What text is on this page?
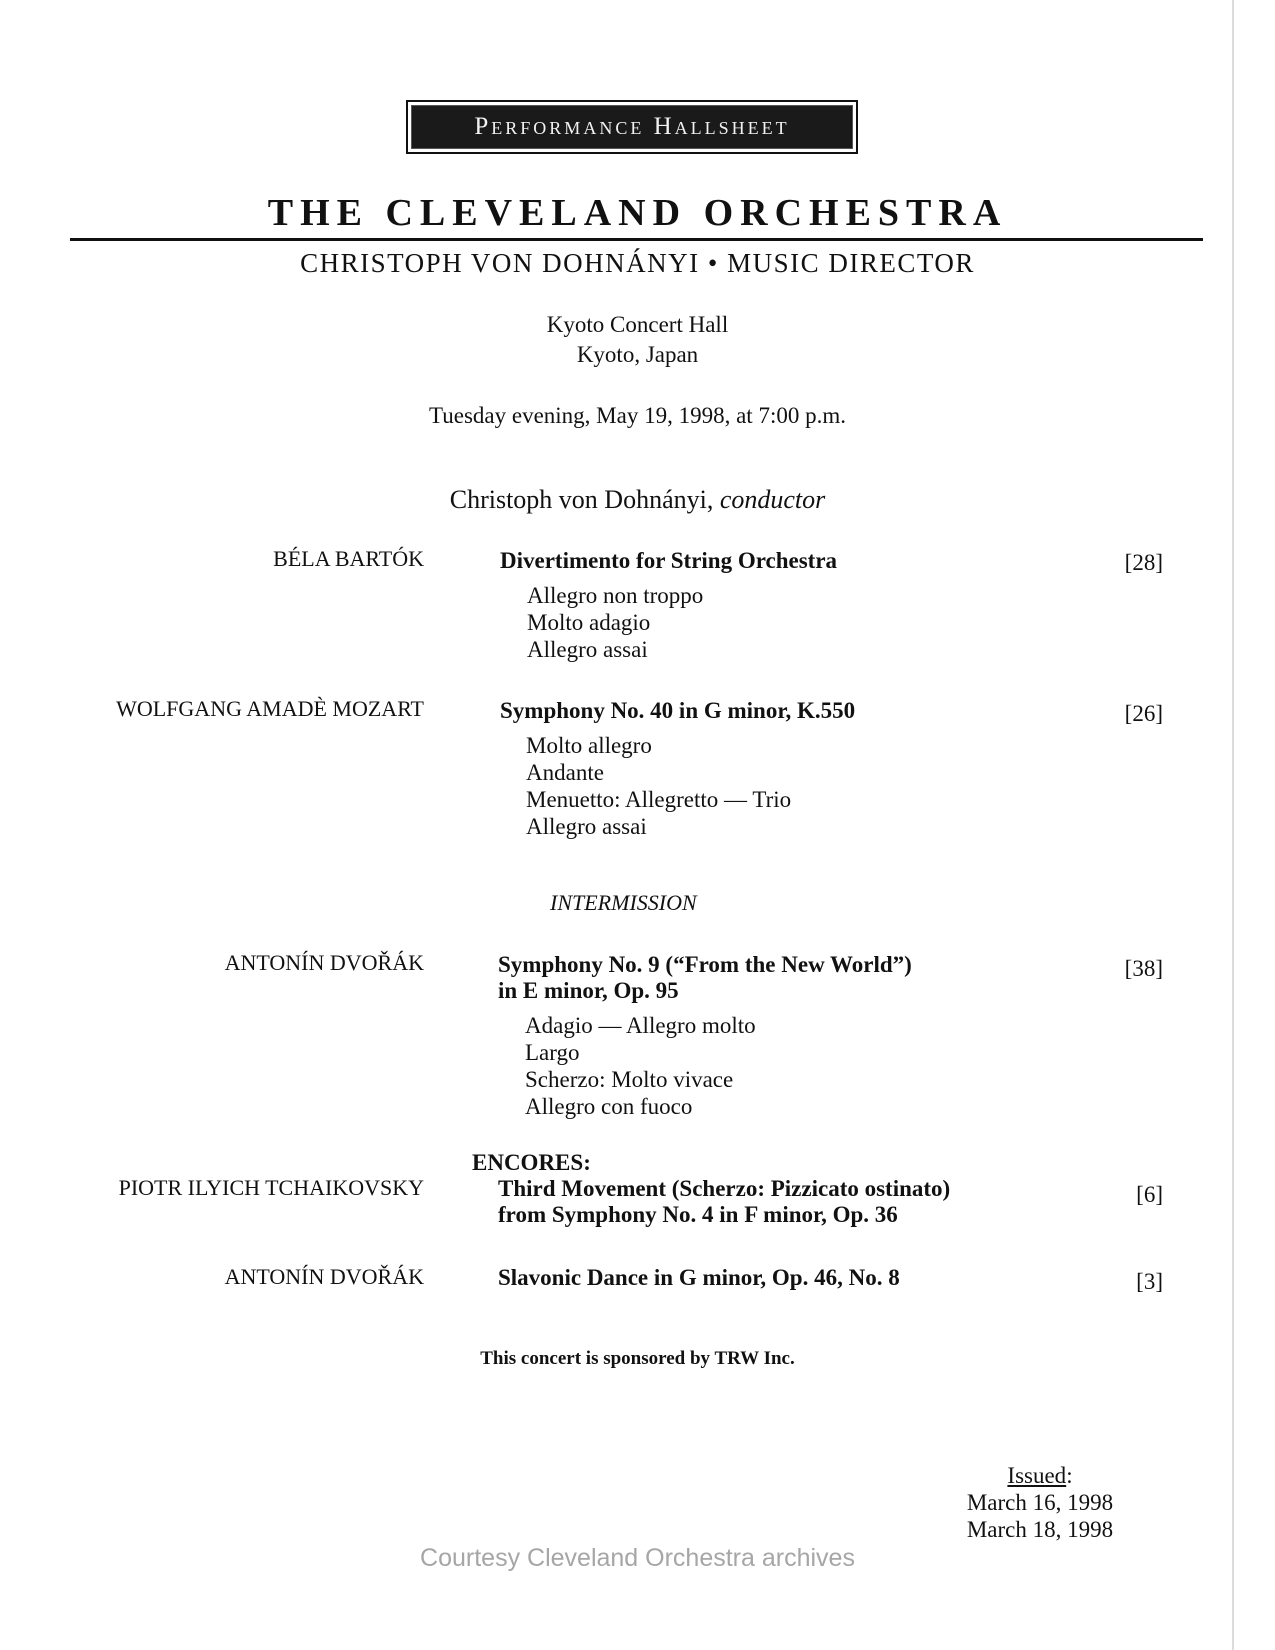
Performance Hallsheet
THE CLEVELAND ORCHESTRA
CHRISTOPH VON DOHNÁNYI • MUSIC DIRECTOR
Kyoto Concert Hall
Kyoto, Japan
Tuesday evening, May 19, 1998, at 7:00 p.m.
Christoph von Dohnányi, conductor
BÉLA BARTÓK	Divertimento for String Orchestra	[28]
Allegro non troppo
Molto adagio
Allegro assai
WOLFGANG AMADÈ MOZART	Symphony No. 40 in G minor, K.550	[26]
Molto allegro
Andante
Menuetto: Allegretto — Trio
Allegro assai
INTERMISSION
ANTONÍN DVOŘÁK	Symphony No. 9 (“From the New World”)
in E minor, Op. 95
[38]
Adagio — Allegro molto
Largo
Scherzo: Molto vivace
Allegro con fuoco
ENCORES:
PIOTR ILYICH TCHAIKOVSKY	Third Movement (Scherzo: Pizzicato ostinato)
from Symphony No. 4 in F minor, Op. 36
[6]
ANTONÍN DVOŘÁK	Slavonic Dance in G minor, Op. 46, No. 8	[3]
This concert is sponsored by TRW Inc.
Issued:
March 16, 1998
March 18, 1998
Courtesy Cleveland Orchestra archives
